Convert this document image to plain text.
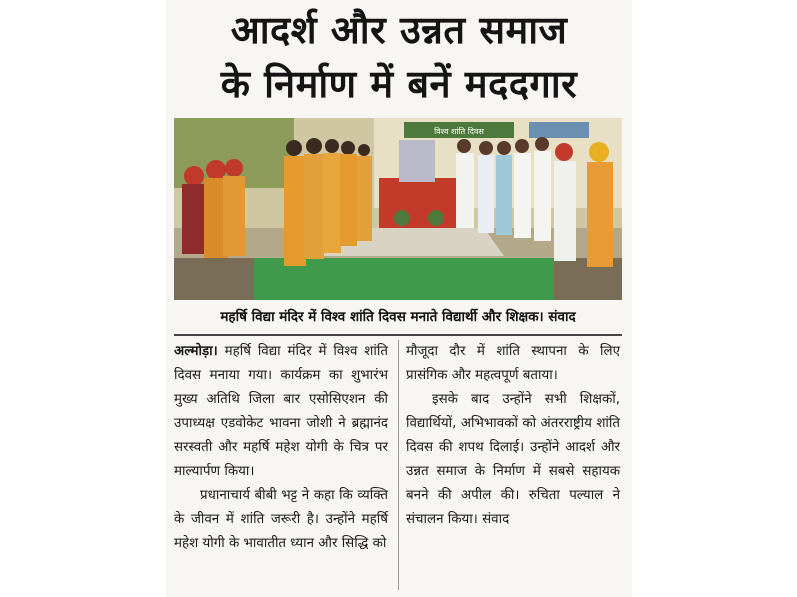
आदर्श और उन्नत समाज
के निर्माण में बनें मददगार
विश्व शांति दिवस
महर्षि विद्या मंदिर में विश्व शांति दिवस मनाते विद्यार्थी और शिक्षक। संवाद

अल्मोड़ा। महर्षि विद्या मंदिर में विश्व शांति दिवस मनाया गया। कार्यक्रम का शुभारंभ मुख्य अतिथि जिला बार एसोसिएशन की उपाध्यक्ष एडवोकेट भावना जोशी ने ब्रह्मानंद सरस्वती और महर्षि महेश योगी के चित्र पर माल्यार्पण किया।

प्रधानाचार्य बीबी भट्ट ने कहा कि व्यक्ति के जीवन में शांति जरूरी है। उन्होंने महर्षि महेश योगी के भावातीत ध्यान और सिद्धि को

मौजूदा दौर में शांति स्थापना के लिए प्रासंगिक और महत्वपूर्ण बताया।

इसके बाद उन्होंने सभी शिक्षकों, विद्यार्थियों, अभिभावकों को अंतरराष्ट्रीय शांति दिवस की शपथ दिलाई। उन्होंने आदर्श और उन्नत समाज के निर्माण में सबसे सहायक बनने की अपील की। रुचिता पल्याल ने संचालन किया। संवाद
